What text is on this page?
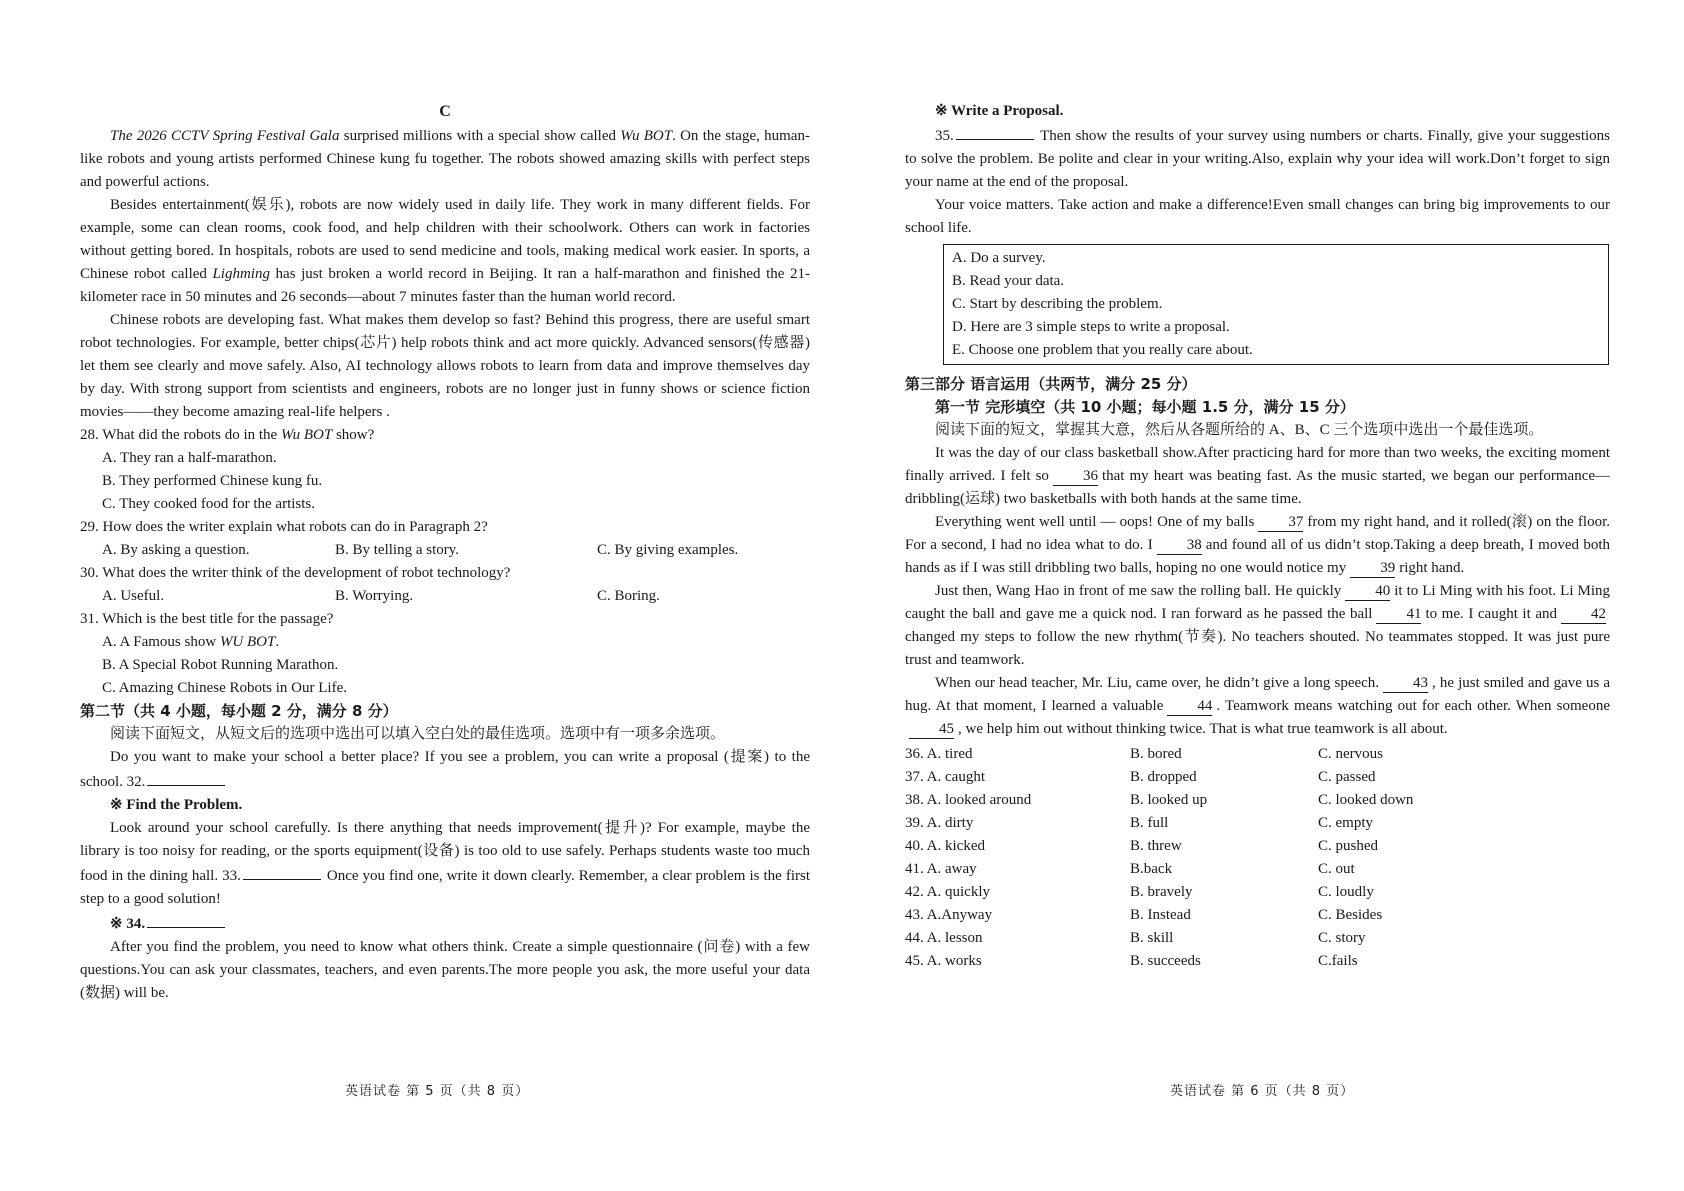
C

The 2026 CCTV Spring Festival Gala surprised millions with a special show called Wu BOT. On the stage, human-like robots and young artists performed Chinese kung fu together. The robots showed amazing skills with perfect steps and powerful actions.

Besides entertainment(娱乐), robots are now widely used in daily life. They work in many different fields. For example, some can clean rooms, cook food, and help children with their schoolwork. Others can work in factories without getting bored. In hospitals, robots are used to send medicine and tools, making medical work easier. In sports, a Chinese robot called Lighming has just broken a world record in Beijing. It ran a half-marathon and finished the 21-kilometer race in 50 minutes and 26 seconds—about 7 minutes faster than the human world record.

Chinese robots are developing fast. What makes them develop so fast? Behind this progress, there are useful smart robot technologies. For example, better chips(芯片) help robots think and act more quickly. Advanced sensors(传感器) let them see clearly and move safely. Also, AI technology allows robots to learn from data and improve themselves day by day. With strong support from scientists and engineers, robots are no longer just in funny shows or science fiction movies——they become amazing real-life helpers .

28. What did the robots do in the Wu BOT show?

A. They ran a half-marathon.

B. They performed Chinese kung fu.

C. They cooked food for the artists.

29. How does the writer explain what robots can do in Paragraph 2?

A. By asking a question.	B. By telling a story.	C. By giving examples.

30. What does the writer think of the development of robot technology?

A. Useful.	B. Worrying.	C. Boring.

31. Which is the best title for the passage?

A. A Famous show WU BOT.

B. A Special Robot Running Marathon.

C. Amazing Chinese Robots in Our Life.

第二节（共 4 小题，每小题 2 分，满分 8 分）

阅读下面短文，从短文后的选项中选出可以填入空白处的最佳选项。选项中有一项多余选项。

Do you want to make your school a better place? If you see a problem, you can write a proposal (提案) to the school. 32.

※ Find the Problem.

Look around your school carefully. Is there anything that needs improvement(提升)? For example, maybe the library is too noisy for reading, or the sports equipment(设备) is too old to use safely. Perhaps students waste too much food in the dining hall. 33.	Once you find one, write it down clearly. Remember, a clear problem is the first step to a good solution!

※ 34.

After you find the problem, you need to know what others think. Create a simple questionnaire (问卷) with a few questions.You can ask your classmates, teachers, and even parents.The more people you ask, the more useful your data (数据) will be.

※ Write a Proposal.

35.	Then show the results of your survey using numbers or charts. Finally, give your suggestions to solve the problem. Be polite and clear in your writing.Also, explain why your idea will work.Don’t forget to sign your name at the end of the proposal.

Your voice matters. Take action and make a difference!Even small changes can bring big improvements to our school life.

A. Do a survey.

B. Read your data.

C. Start by describing the problem.

D. Here are 3 simple steps to write a proposal.

E. Choose one problem that you really care about.

第三部分 语言运用（共两节，满分 25 分）

第一节 完形填空（共 10 小题；每小题 1.5 分，满分 15 分）

阅读下面的短文，掌握其大意，然后从各题所给的 A、B、C 三个选项中选出一个最佳选项。

It was the day of our class basketball show.After practicing hard for more than two weeks, the exciting moment finally arrived. I felt so 36 that my heart was beating fast. As the music started, we began our performance—dribbling(运球) two basketballs with both hands at the same time.

Everything went well until — oops! One of my balls 37 from my right hand, and it rolled(滚) on the floor. For a second, I had no idea what to do. I 38 and found all of us didn’t stop.Taking a deep breath, I moved both hands as if I was still dribbling two balls, hoping no one would notice my 39 right hand.

Just then, Wang Hao in front of me saw the rolling ball. He quickly 40 it to Li Ming with his foot. Li Ming caught the ball and gave me a quick nod. I ran forward as he passed the ball 41 to me. I caught it and 42changed my steps to follow the new rhythm(节奏). No teachers shouted. No teammates stopped. It was just pure trust and teamwork.

When our head teacher, Mr. Liu, came over, he didn’t give a long speech. 43 , he just smiled and gave us a hug. At that moment, I learned a valuable 44 . Teamwork means watching out for each other. When someone45 , we help him out without thinking twice. That is what true teamwork is all about.

36. A. tired	B. bored	C. nervous
37. A. caught	B. dropped	C. passed
38. A. looked around	B. looked up	C. looked down
39. A. dirty	B. full	C. empty
40. A. kicked	B. threw	C. pushed
41. A. away	B.back	C. out
42. A. quickly	B. bravely	C. loudly
43. A.Anyway	B. Instead	C. Besides
44. A. lesson	B. skill	C. story
45. A. works	B. succeeds	C.fails
英语试卷 第 5 页（共 8 页）	英语试卷 第 6 页（共 8 页）
